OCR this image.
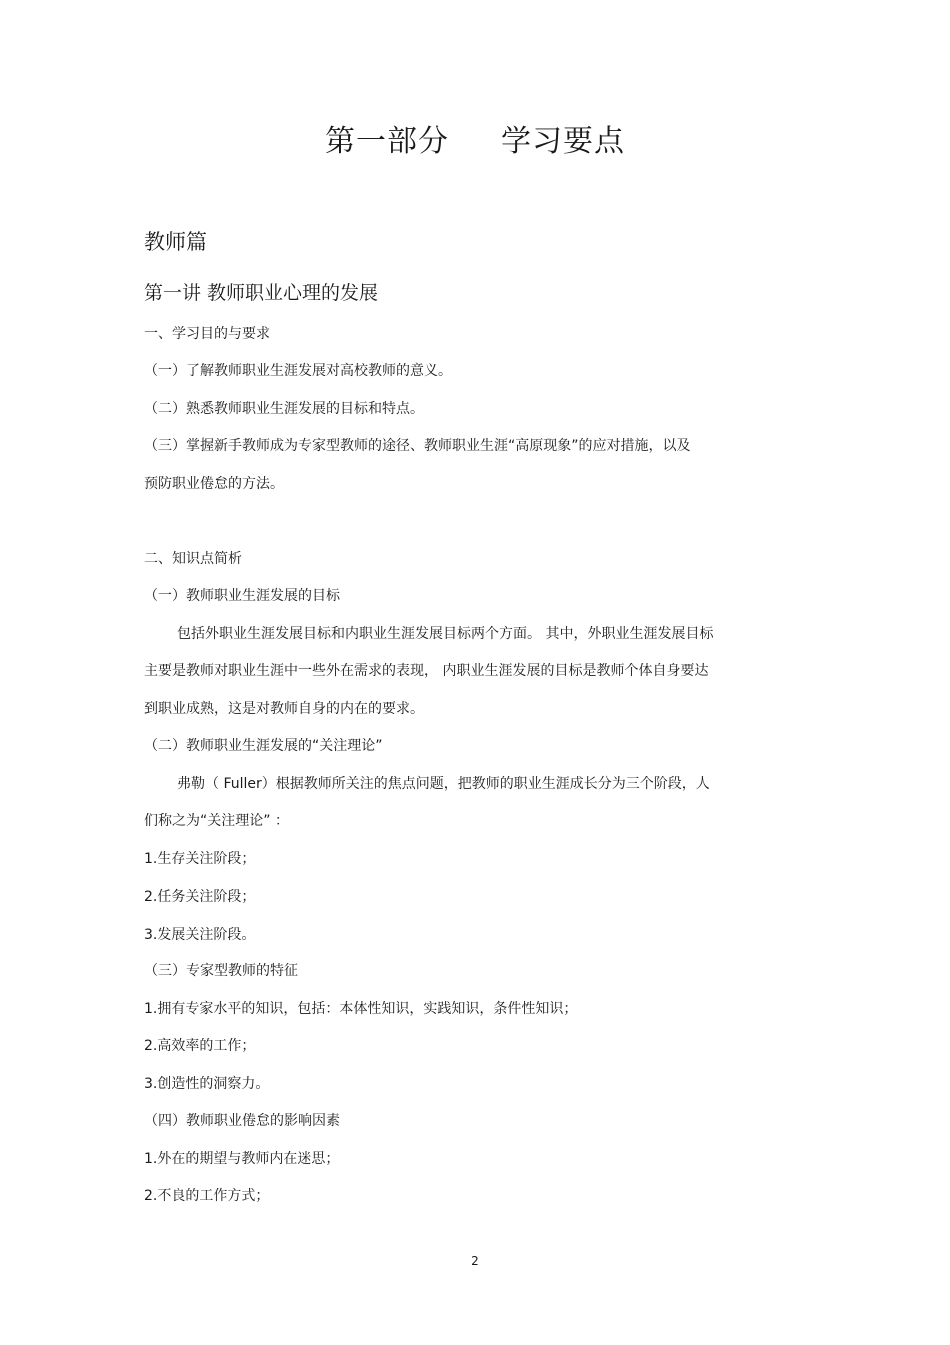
第一部分 学习要点
教师篇
第一讲 教师职业心理的发展
一、学习目的与要求
（一）了解教师职业生涯发展对高校教师的意义。
（二）熟悉教师职业生涯发展的目标和特点。
（三）掌握新手教师成为专家型教师的途径、教师职业生涯“高原现象”的应对措施，以及
预防职业倦怠的方法。
二、知识点简析
（一）教师职业生涯发展的目标
包括外职业生涯发展目标和内职业生涯发展目标两个方面。 其中，外职业生涯发展目标
主要是教师对职业生涯中一些外在需求的表现， 内职业生涯发展的目标是教师个体自身要达
到职业成熟，这是对教师自身的内在的要求。
（二）教师职业生涯发展的“关注理论”
弗勒（ Fuller）根据教师所关注的焦点问题，把教师的职业生涯成长分为三个阶段，人
们称之为“关注理论” ：
1.生存关注阶段；
2.任务关注阶段；
3.发展关注阶段。
（三）专家型教师的特征
1.拥有专家水平的知识，包括：本体性知识，实践知识，条件性知识；
2.高效率的工作；
3.创造性的洞察力。
（四）教师职业倦怠的影响因素
1.外在的期望与教师内在迷思；
2.不良的工作方式；
2
